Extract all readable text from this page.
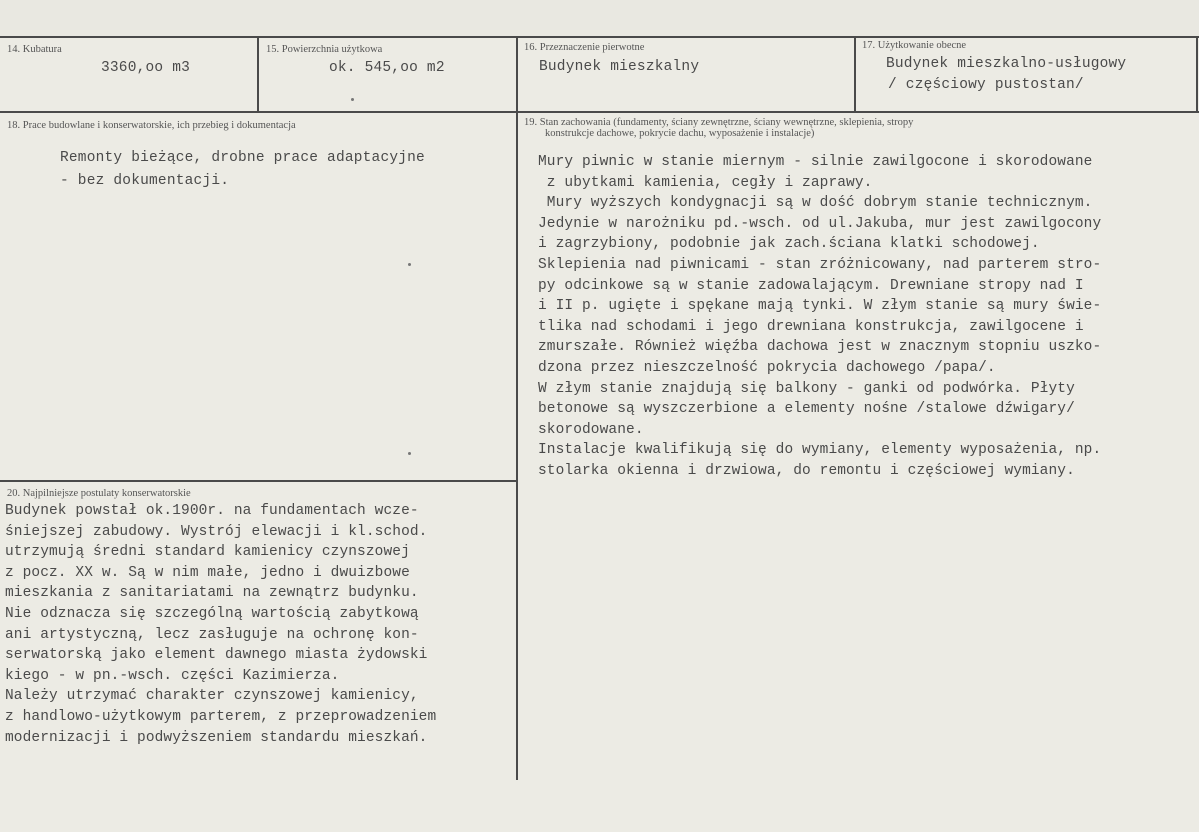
14. Kubatura
3360,oo m3
15. Powierzchnia użytkowa
ok. 545,oo m2
16. Przeznaczenie pierwotne
Budynek mieszkalny
17. Użytkowanie obecne
Budynek mieszkalno-usługowy
/ częściowy pustostan/
18. Prace budowlane i konserwatorskie, ich przebieg i dokumentacja
Remonty bieżące, drobne prace adaptacyjne
- bez dokumentacji.
19. Stan zachowania (fundamenty, ściany zewnętrzne, ściany wewnętrzne, sklepienia, stropy
konstrukcje dachowe, pokrycie dachu, wyposażenie i instalacje)
Mury piwnic w stanie miernym - silnie zawilgocone i skorodowane
z ubytkami kamienia, cegły i zaprawy.
Mury wyższych kondygnacji są w dość dobrym stanie technicznym.
Jedynie w narożniku pd.-wsch. od ul.Jakuba, mur jest zawilgocony
i zagrzybiony, podobnie jak zach.ściana klatki schodowej.
Sklepienia nad piwnicami - stan zróżnicowany, nad parterem stro-
py odcinkowe są w stanie zadowalającym. Drewniane stropy nad I
i II p. ugięte i spękane mają tynki. W złym stanie są mury świe-
tlika nad schodami i jego drewniana konstrukcja, zawilgocene i
zmurszałe. Również więźba dachowa jest w znacznym stopniu uszko-
dzona przez nieszczelność pokrycia dachowego /papa/.
W złym stanie znajdują się balkony - ganki od podwórka. Płyty
betonowe są wyszczerbione a elementy nośne /stalowe dźwigary/
skorodowane.
Instalacje kwalifikują się do wymiany, elementy wyposażenia, np.
stolarka okienna i drzwiowa, do remontu i częściowej wymiany.
20. Najpilniejsze postulaty konserwatorskie
Budynek powstał ok.1900r. na fundamentach wcze-
śniejszej zabudowy. Wystrój elewacji i kl.schod.
utrzymują średni standard kamienicy czynszowej
z pocz. XX w. Są w nim małe, jedno i dwuizbowe
mieszkania z sanitariatami na zewnątrz budynku.
Nie odznacza się szczególną wartością zabytkową
ani artystyczną, lecz zasługuje na ochronę kon-
serwatorską jako element dawnego miasta żydowski
kiego - w pn.-wsch. części Kazimierza.
Należy utrzymać charakter czynszowej kamienicy,
z handlowo-użytkowym parterem, z przeprowadzeniem
modernizacji i podwyższeniem standardu mieszkań.
